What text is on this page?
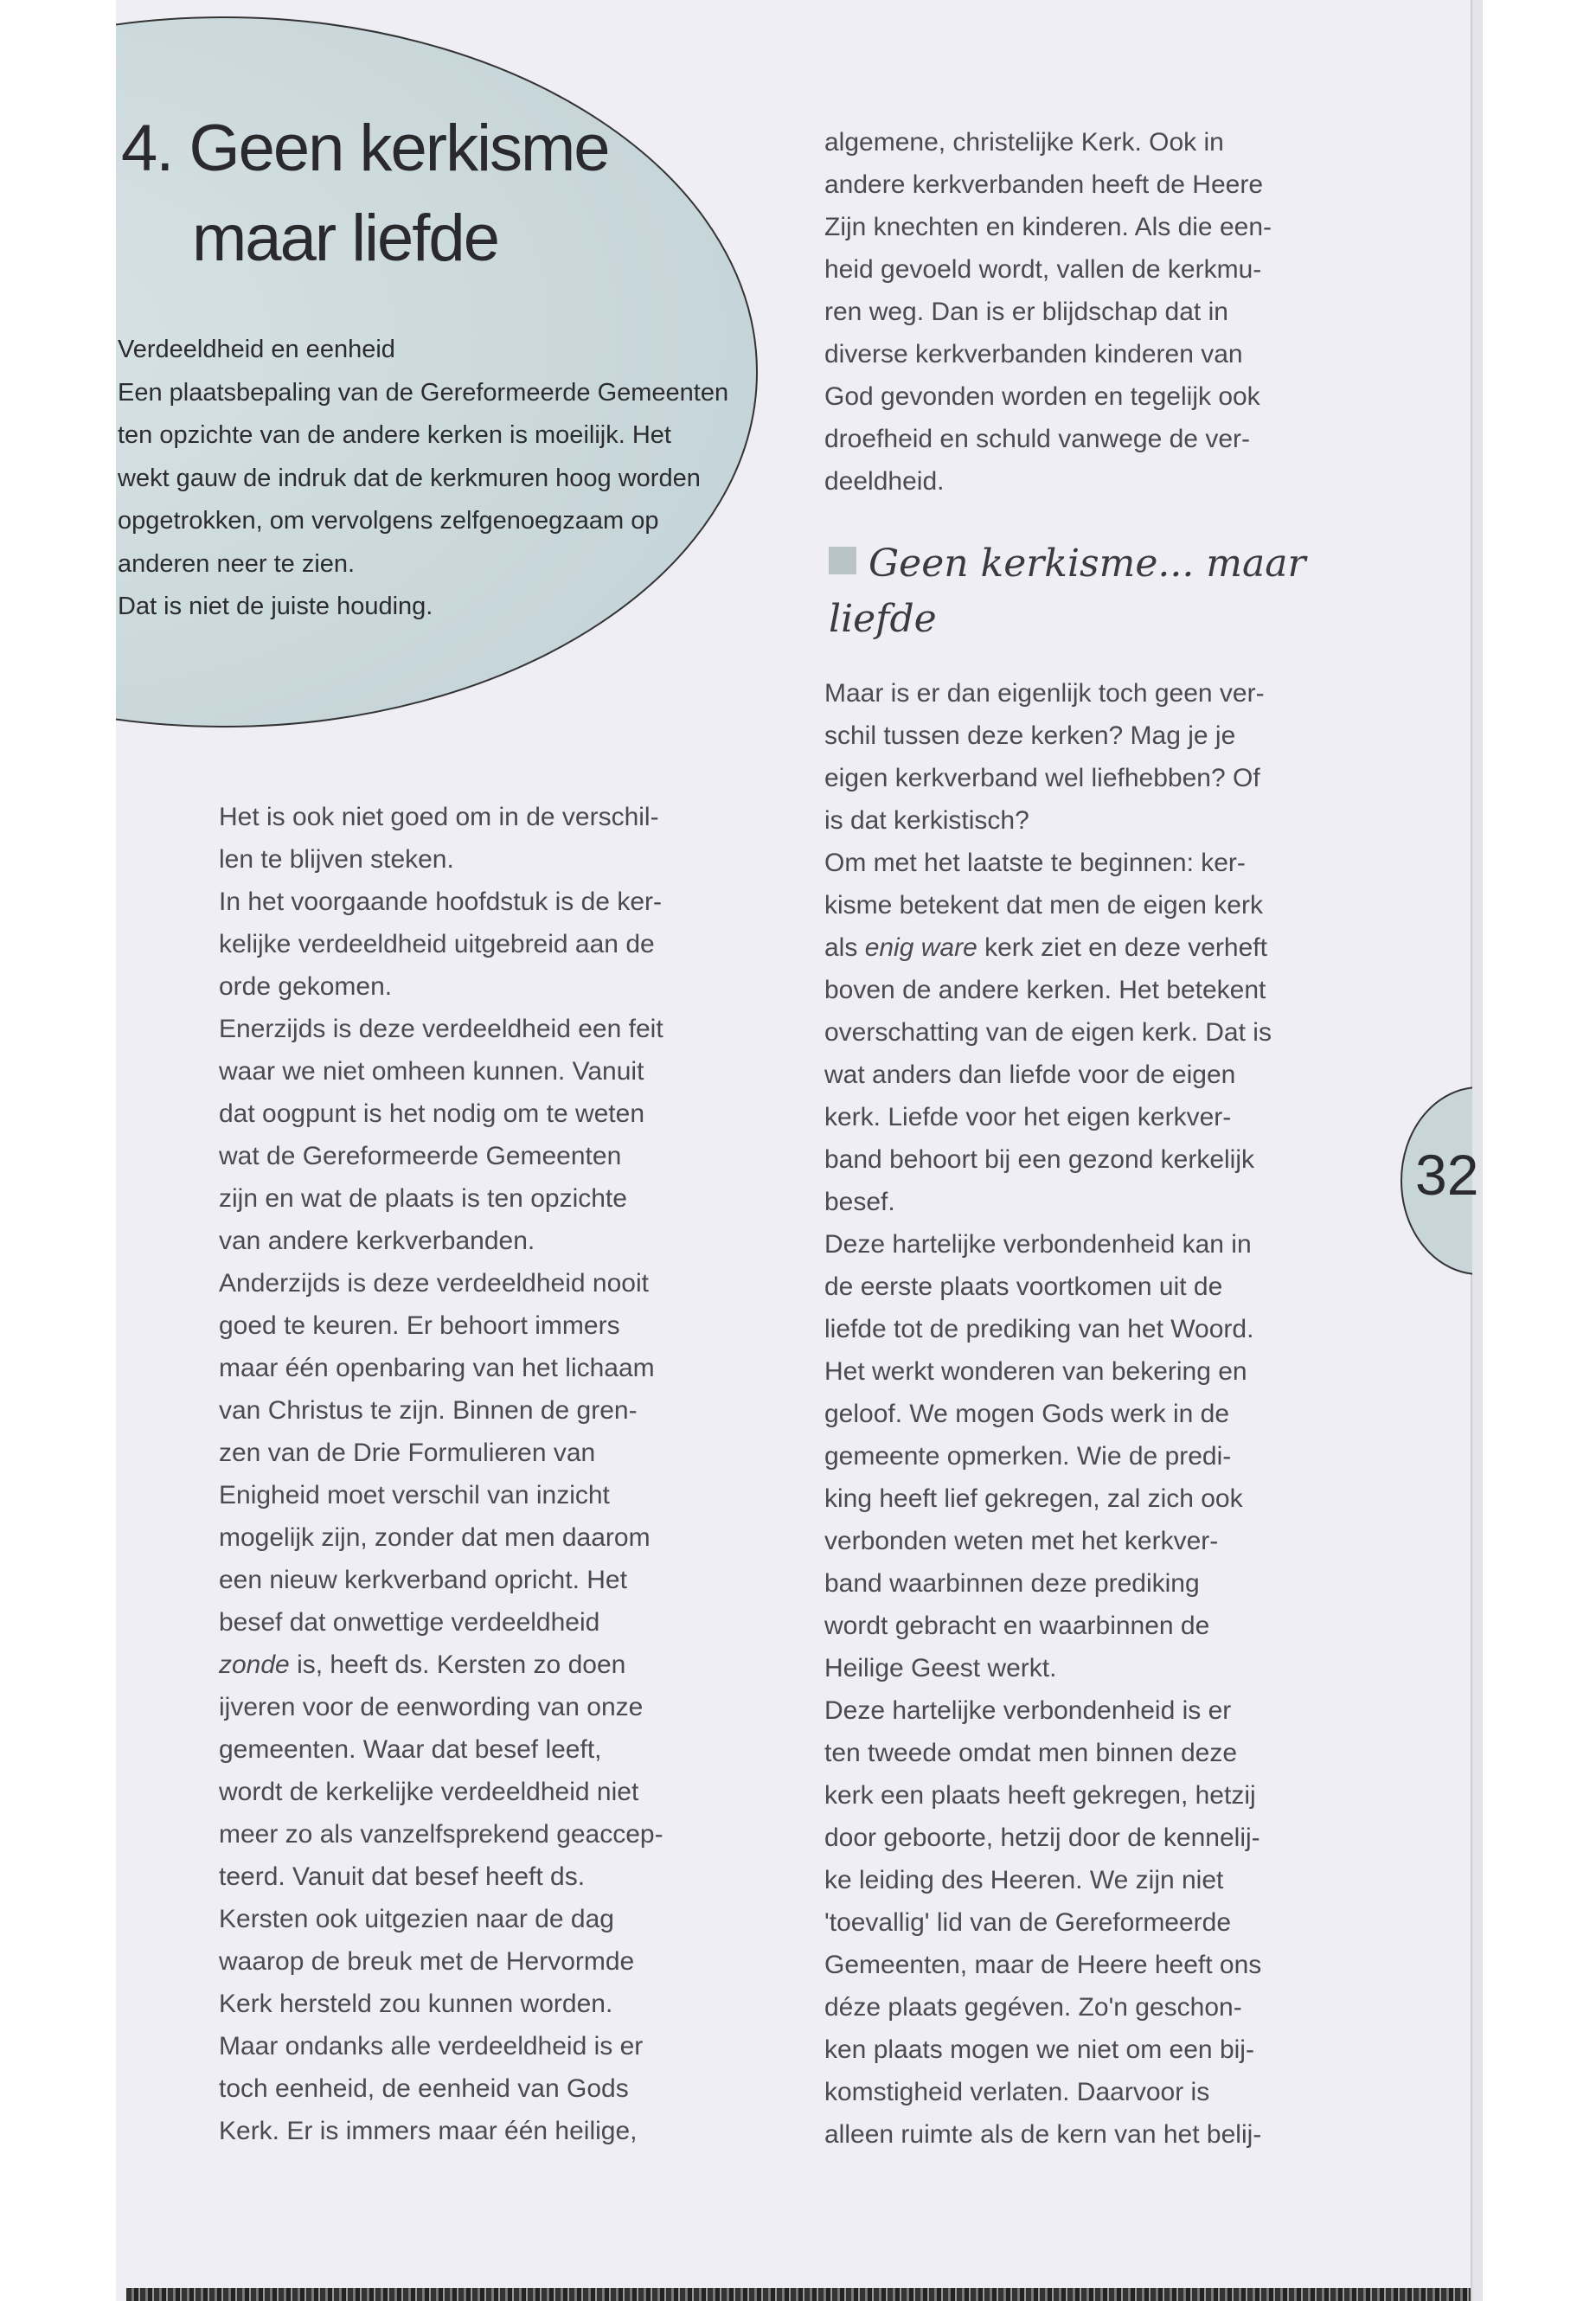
4. Geen kerkisme
maar liefde
Verdeeldheid en eenheid
Een plaatsbepaling van de Gereformeerde Gemeenten
ten opzichte van de andere kerken is moeilijk. Het
wekt gauw de indruk dat de kerkmuren hoog worden
opgetrokken, om vervolgens zelfgenoegzaam op
anderen neer te zien.
Dat is niet de juiste houding.
Het is ook niet goed om in de verschil-
len te blijven steken.
In het voorgaande hoofdstuk is de ker-
kelijke verdeeldheid uitgebreid aan de
orde gekomen.
Enerzijds is deze verdeeldheid een feit
waar we niet omheen kunnen. Vanuit
dat oogpunt is het nodig om te weten
wat de Gereformeerde Gemeenten
zijn en wat de plaats is ten opzichte
van andere kerkverbanden.
Anderzijds is deze verdeeldheid nooit
goed te keuren. Er behoort immers
maar één openbaring van het lichaam
van Christus te zijn. Binnen de gren-
zen van de Drie Formulieren van
Enigheid moet verschil van inzicht
mogelijk zijn, zonder dat men daarom
een nieuw kerkverband opricht. Het
besef dat onwettige verdeeldheid
zonde is, heeft ds. Kersten zo doen
ijveren voor de eenwording van onze
gemeenten. Waar dat besef leeft,
wordt de kerkelijke verdeeldheid niet
meer zo als vanzelfsprekend geaccep-
teerd. Vanuit dat besef heeft ds.
Kersten ook uitgezien naar de dag
waarop de breuk met de Hervormde
Kerk hersteld zou kunnen worden.
Maar ondanks alle verdeeldheid is er
toch eenheid, de eenheid van Gods
Kerk. Er is immers maar één heilige,
algemene, christelijke Kerk. Ook in
andere kerkverbanden heeft de Heere
Zijn knechten en kinderen. Als die een-
heid gevoeld wordt, vallen de kerkmu-
ren weg. Dan is er blijdschap dat in
diverse kerkverbanden kinderen van
God gevonden worden en tegelijk ook
droefheid en schuld vanwege de ver-
deeldheid.
Geen kerkisme... maar
liefde
Maar is er dan eigenlijk toch geen ver-
schil tussen deze kerken? Mag je je
eigen kerkverband wel liefhebben? Of
is dat kerkistisch?
Om met het laatste te beginnen: ker-
kisme betekent dat men de eigen kerk
als enig ware kerk ziet en deze verheft
boven de andere kerken. Het betekent
overschatting van de eigen kerk. Dat is
wat anders dan liefde voor de eigen
kerk. Liefde voor het eigen kerkver-
band behoort bij een gezond kerkelijk
besef.
Deze hartelijke verbondenheid kan in
de eerste plaats voortkomen uit de
liefde tot de prediking van het Woord.
Het werkt wonderen van bekering en
geloof. We mogen Gods werk in de
gemeente opmerken. Wie de predi-
king heeft lief gekregen, zal zich ook
verbonden weten met het kerkver-
band waarbinnen deze prediking
wordt gebracht en waarbinnen de
Heilige Geest werkt.
Deze hartelijke verbondenheid is er
ten tweede omdat men binnen deze
kerk een plaats heeft gekregen, hetzij
door geboorte, hetzij door de kennelij-
ke leiding des Heeren. We zijn niet
'toevallig' lid van de Gereformeerde
Gemeenten, maar de Heere heeft ons
déze plaats gegéven. Zo'n geschon-
ken plaats mogen we niet om een bij-
komstigheid verlaten. Daarvoor is
alleen ruimte als de kern van het belij-
32
